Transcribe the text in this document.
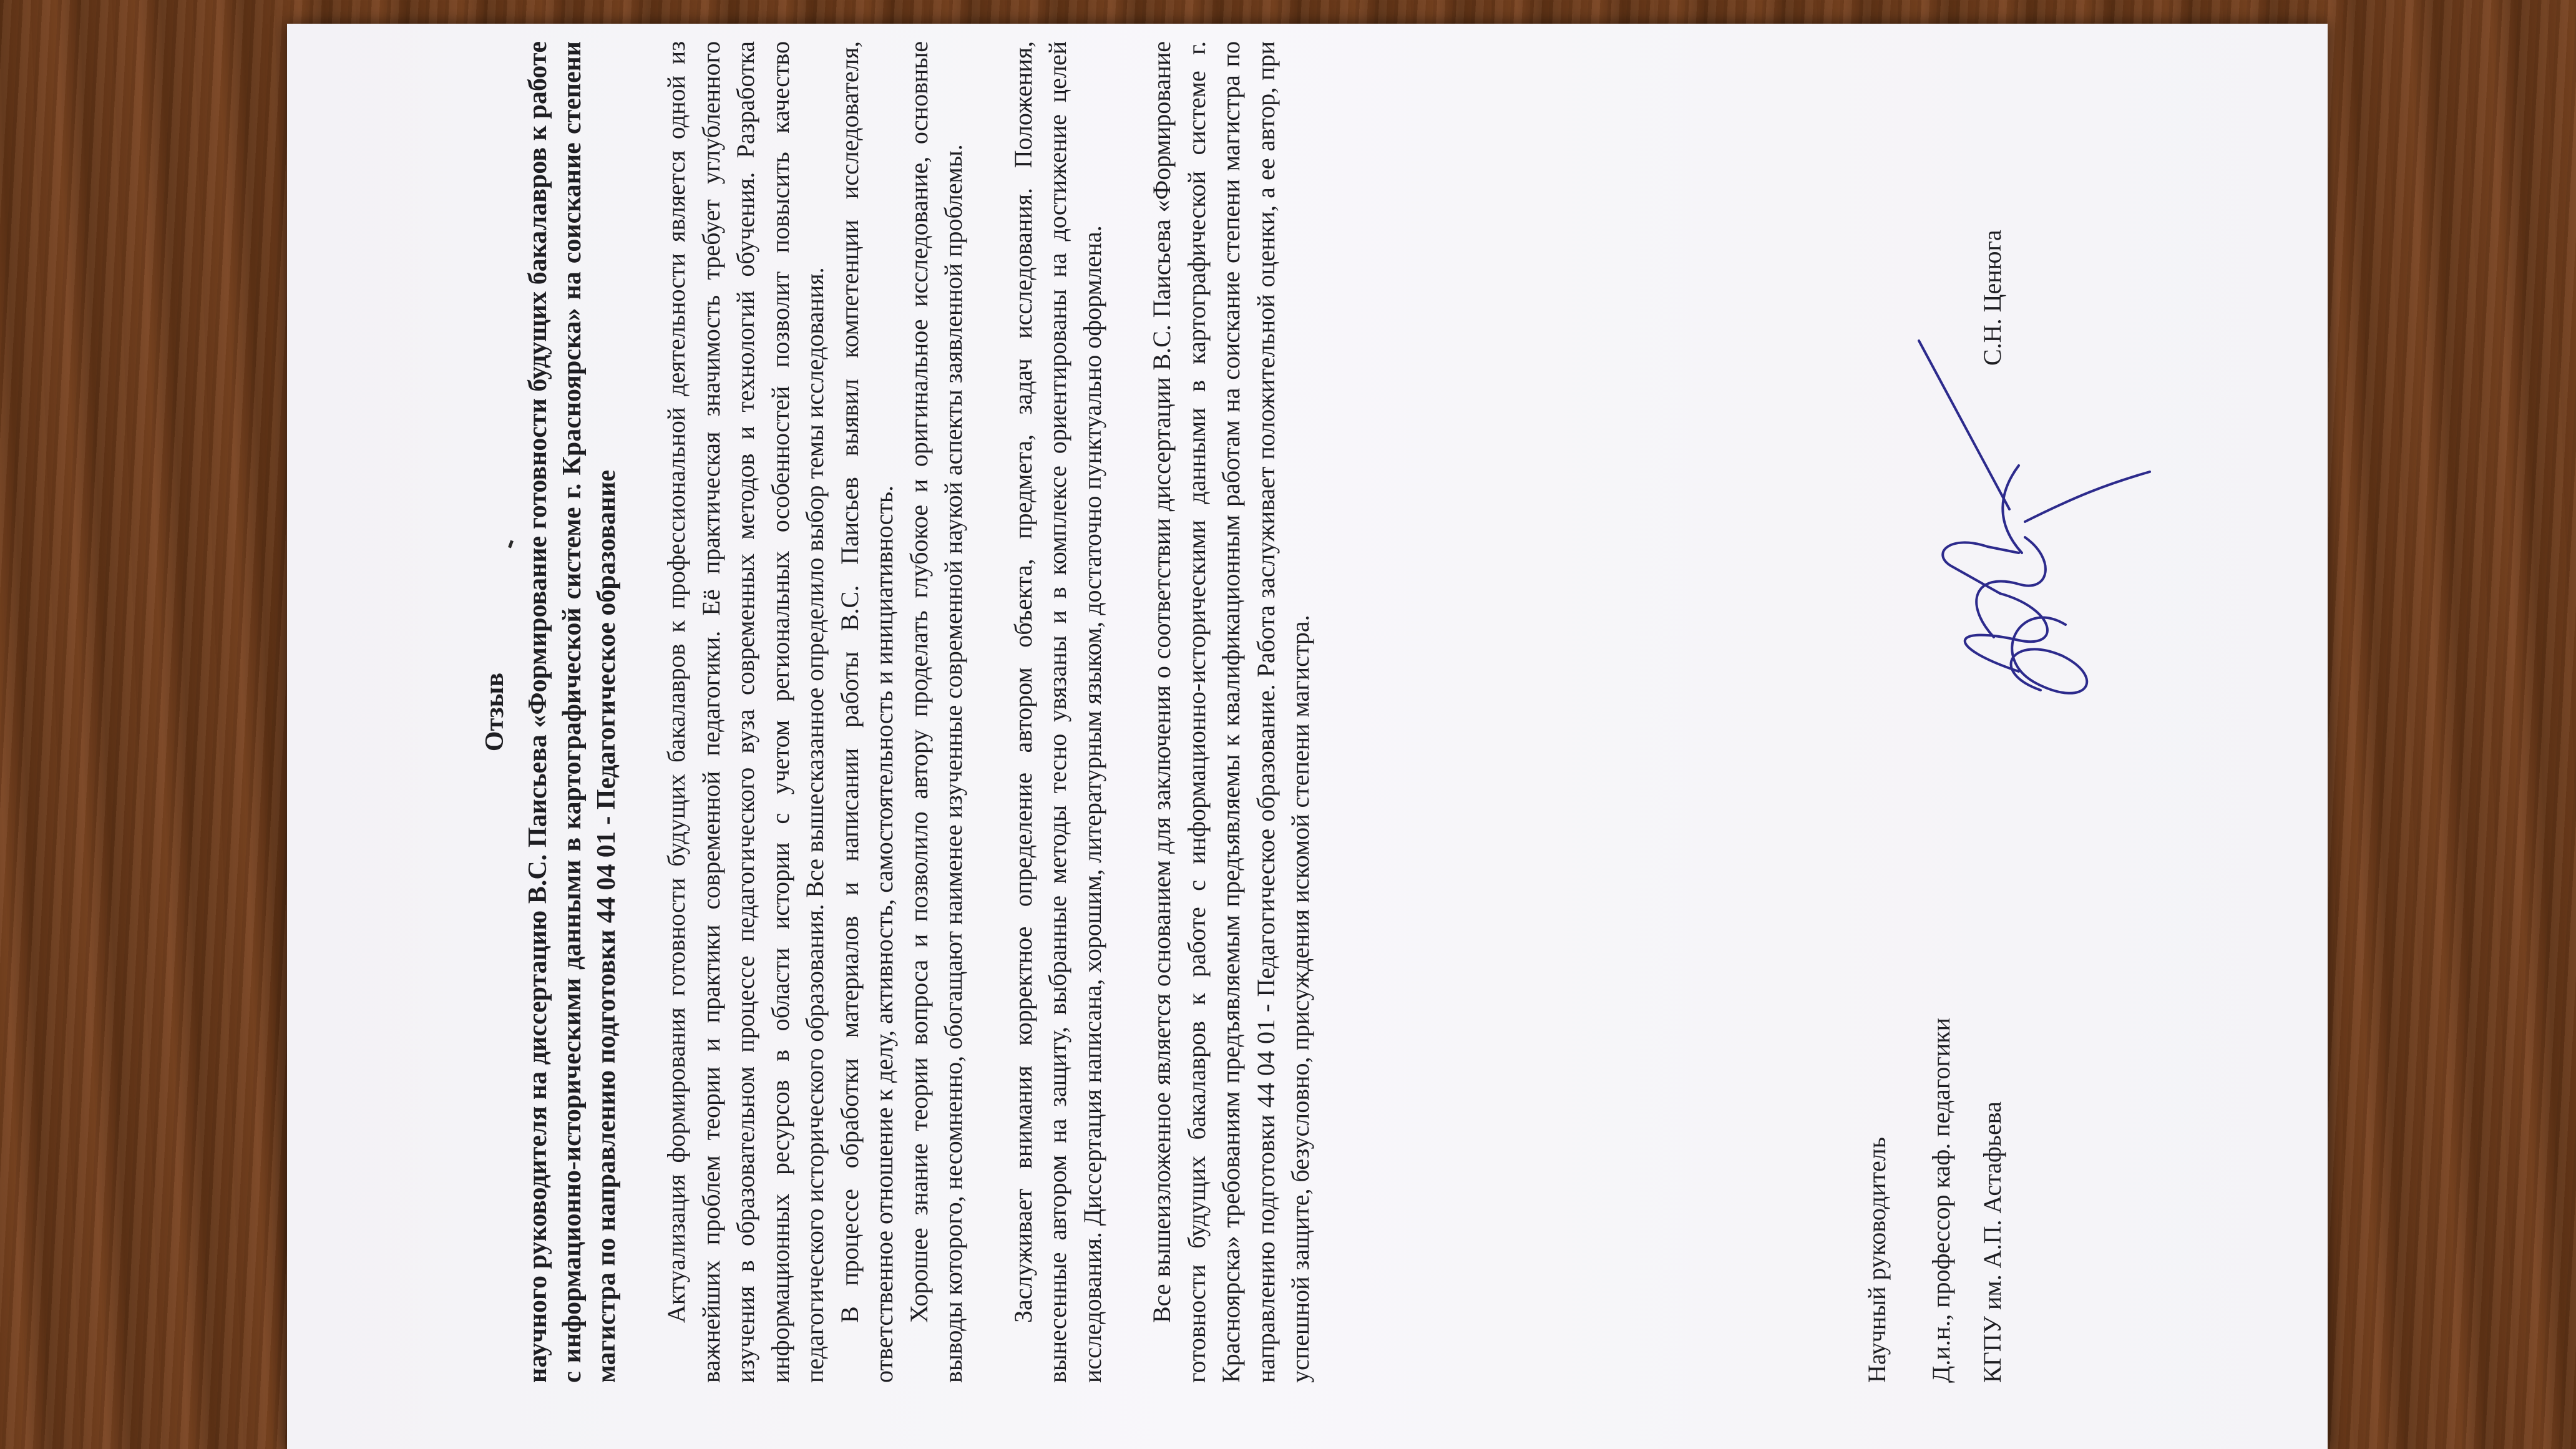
Отзыв научного руководителя на диссертацию В.С. Паисьева «Формирование готовности будущих бакалавров к работе с информационно-историческими данными в картографической системе г. Красноярска» на соискание степени магистра по направлению подготовки 44 04 01 - Педагогическое образование Актуализация формирования готовности будущих бакалавров к профессиональной деятельности является одной из важнейших проблем теории и практики современной педагогики. Её практическая значимость требует углубленного изучения в образовательном процессе педагогического вуза современных методов и технологий обучения. Разработка информационных ресурсов в области истории с учетом региональных особенностей позволит повысить качество педагогического исторического образования. Все вышесказанное определило выбор темы исследования. В процессе обработки материалов и написании работы В.С. Паисьев выявил компетенции исследователя, ответственное отношение к делу, активность, самостоятельность и инициативность. Хорошее знание теории вопроса и позволило автору проделать глубокое и оригинальное исследование, основные выводы которого, несомненно, обогащают наименее изученные современной наукой аспекты заявленной проблемы. Заслуживает внимания корректное определение автором объекта, предмета, задач исследования. Положения, вынесенные автором на защиту, выбранные методы тесно увязаны и в комплексе ориентированы на достижение целей исследования. Диссертация написана, хорошим, литературным языком, достаточно пунктуально оформлена. Все вышеизложенное является основанием для заключения о соответствии диссертации В.С. Паисьева «Формирование готовности будущих бакалавров к работе с информационно-историческими данными в картографической системе г. Красноярска» требованиям предъявляемым предъявляемы к квалификационным работам на соискание степени магистра по направлению подготовки 44 04 01 - Педагогическое образование. Работа заслуживает положительной оценки, а ее автор, при успешной защите, безусловно, присуждения искомой степени магистра.	Научный руководитель Д.и.н., профессор каф. педагогики КГПУ им. А.П. Астафьева
С.Н. Ценюга
